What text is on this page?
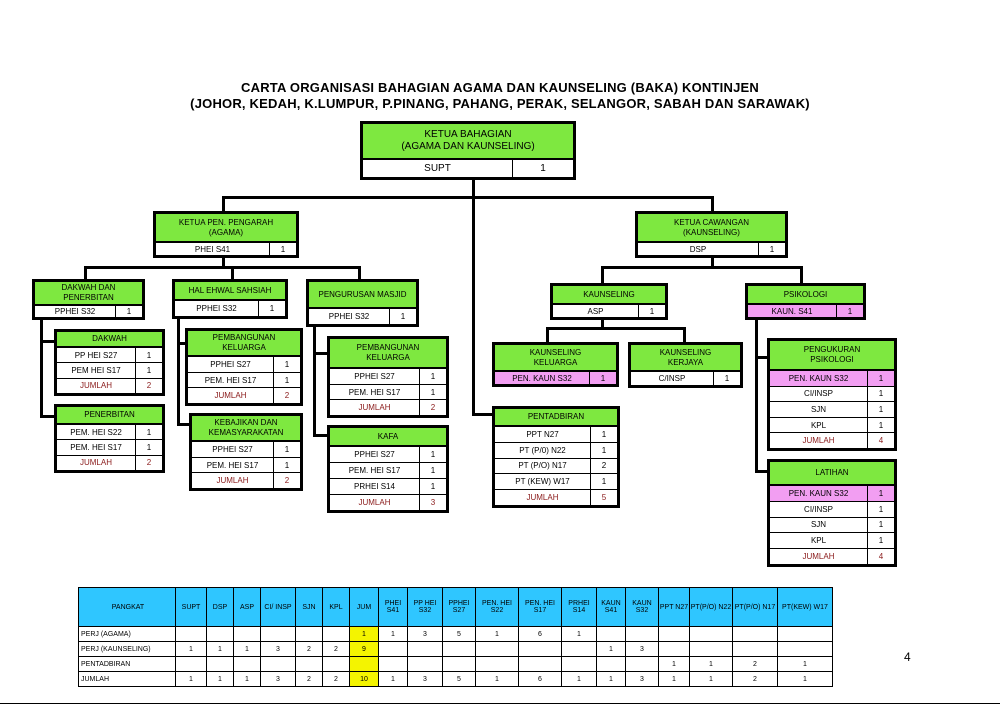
CARTA ORGANISASI BAHAGIAN AGAMA DAN KAUNSELING (BAKA) KONTINJEN
(JOHOR, KEDAH, K.LUMPUR, P.PINANG, PAHANG, PERAK, SELANGOR, SABAH DAN SARAWAK)
KETUA BAHAGIAN
(AGAMA DAN KAUNSELING)
SUPT	1
KETUA PEN. PENGARAH
(AGAMA)
PHEI S41	1
KETUA CAWANGAN
(KAUNSELING)
DSP	1
DAKWAH DAN
PENERBITAN
PPHEI S32	1
HAL EHWAL SAHSIAH
PPHEI S32	1
PENGURUSAN MASJID
PPHEI S32	1
DAKWAH
PP HEI S27	1
PEM HEI S17	1
JUMLAH	2
PENERBITAN
PEM. HEI S22	1
PEM. HEI S17	1
JUMLAH	2
PEMBANGUNAN
KELUARGA
PPHEI S27	1
PEM. HEI S17	1
JUMLAH	2
KEBAJIKAN DAN
KEMASYARAKATAN
PPHEI S27	1
PEM. HEI S17	1
JUMLAH	2
PEMBANGUNAN
KELUARGA
PPHEI S27	1
PEM. HEI S17	1
JUMLAH	2
KAFA
PPHEI S27	1
PEM. HEI S17	1
PRHEI S14	1
JUMLAH	3
PENTADBIRAN
PPT N27	1
PT (P/0) N22	1
PT (P/O) N17	2
PT (KEW) W17	1
JUMLAH	5
KAUNSELING
ASP	1
PSIKOLOGI
KAUN. S41	1
KAUNSELING
KELUARGA
PEN. KAUN S32	1
KAUNSELING
KERJAYA
C/INSP	1
PENGUKURAN
PSIKOLOGI
PEN. KAUN S32	1
CI/INSP	1
SJN	1
KPL	1
JUMLAH	4
LATIHAN
PEN. KAUN S32	1
CI/INSP	1
SJN	1
KPL	1
JUMLAH	4
PANGKAT	SUPT	DSP	ASP	CI/ INSP	SJN	KPL	JUM	PHEI S41	PP HEI S32	PPHEI S27	PEN. HEI S22	PEN. HEI S17	PRHEI S14	KAUN S41	KAUN S32	PPT N27	PT(P/O) N22	PT(P/O) N17	PT(KEW) W17
PERJ (AGAMA)							1	1	3	5	1	6	1						
PERJ (KAUNSELING)	1	1	1	3	2	2	9							1	3				
PENTADBIRAN																1	1	2	1
JUMLAH	1	1	1	3	2	2	10	1	3	5	1	6	1	1	3	1	1	2	1
4
